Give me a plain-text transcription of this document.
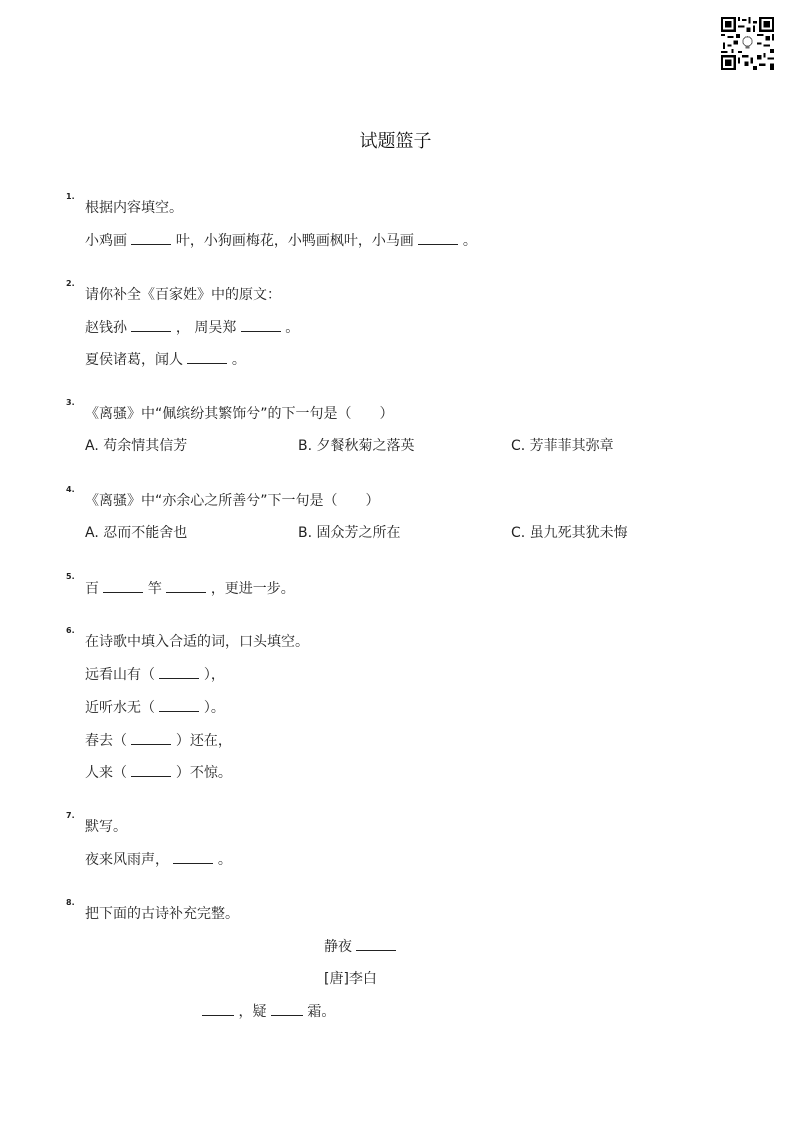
试题篮子
1.
根据内容填空。
小鸡画	叶，小狗画梅花，小鸭画枫叶，小马画	。
2.
请你补全《百家姓》中的原文：
赵钱孙	， 周吴郑	。
夏侯诸葛，闻人	。
3.
《离骚》中“佩缤纷其繁饰兮”的下一句是（　　）
A. 苟余情其信芳	B. 夕餐秋菊之落英	C. 芳菲菲其弥章
4.
《离骚》中“亦余心之所善兮”下一句是（　　）
A. 忍而不能舍也	B. 固众芳之所在	C. 虽九死其犹未悔
5.
百	竿	，更进一步。
6.
在诗歌中填入合适的词，口头填空。
远看山有（	），
近听水无（	）。
春去（	）还在，
人来（	）不惊。
7.
默写。
夜来风雨声，	。
8.
把下面的古诗补充完整。
静夜
[唐]李白
，疑	霜。
